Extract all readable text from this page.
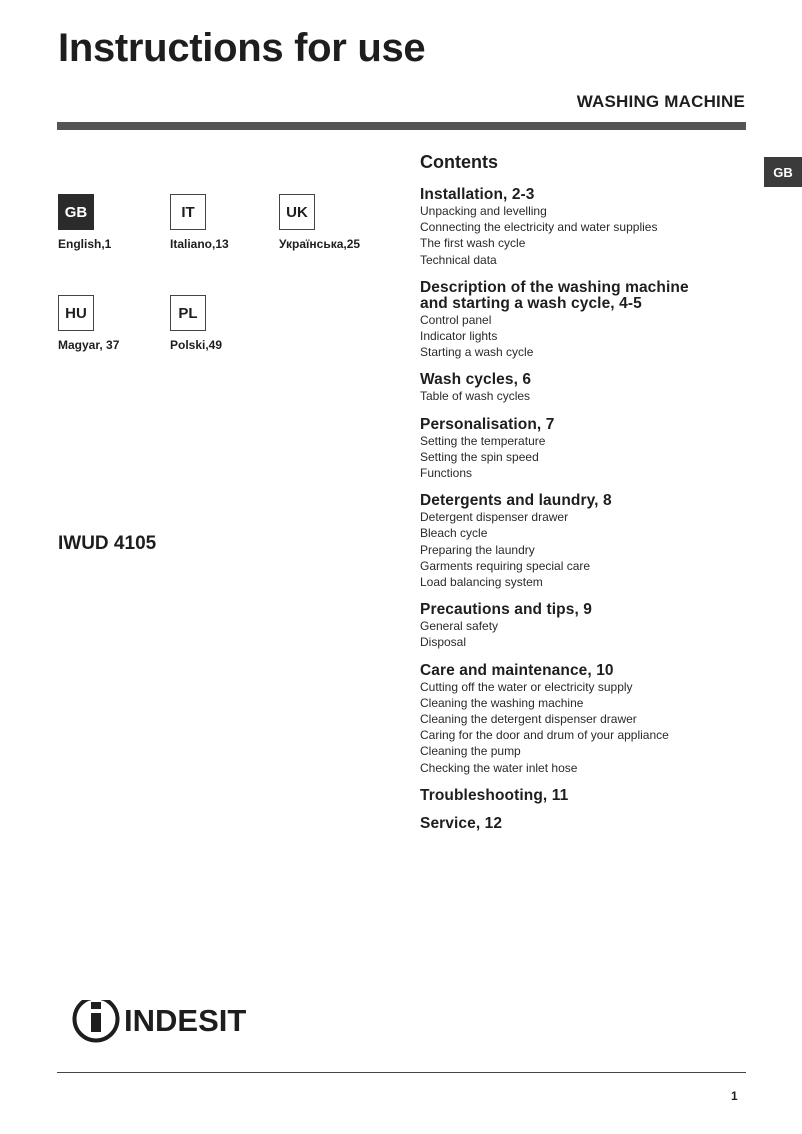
Instructions for use
WASHING MACHINE
GB
GB
English,1
IT
Italiano,13
UK
Українська,25
HU
Magyar, 37
PL
Polski,49
IWUD 4105
Contents
Installation, 2-3
Unpacking and levelling
Connecting the electricity and water supplies
The first wash cycle
Technical data
Description of the washing machine and starting a wash cycle, 4-5
Control panel
Indicator lights
Starting a wash cycle
Wash cycles, 6
Table of wash cycles
Personalisation, 7
Setting the temperature
Setting the spin speed
Functions
Detergents and laundry, 8
Detergent dispenser drawer
Bleach cycle
Preparing the laundry
Garments requiring special care
Load balancing system
Precautions and tips, 9
General safety
Disposal
Care and maintenance, 10
Cutting off the water or electricity supply
Cleaning the washing machine
Cleaning the detergent dispenser drawer
Caring for the door and drum of your appliance
Cleaning the pump
Checking the water inlet hose
Troubleshooting, 11
Service, 12
INDESIT
1
